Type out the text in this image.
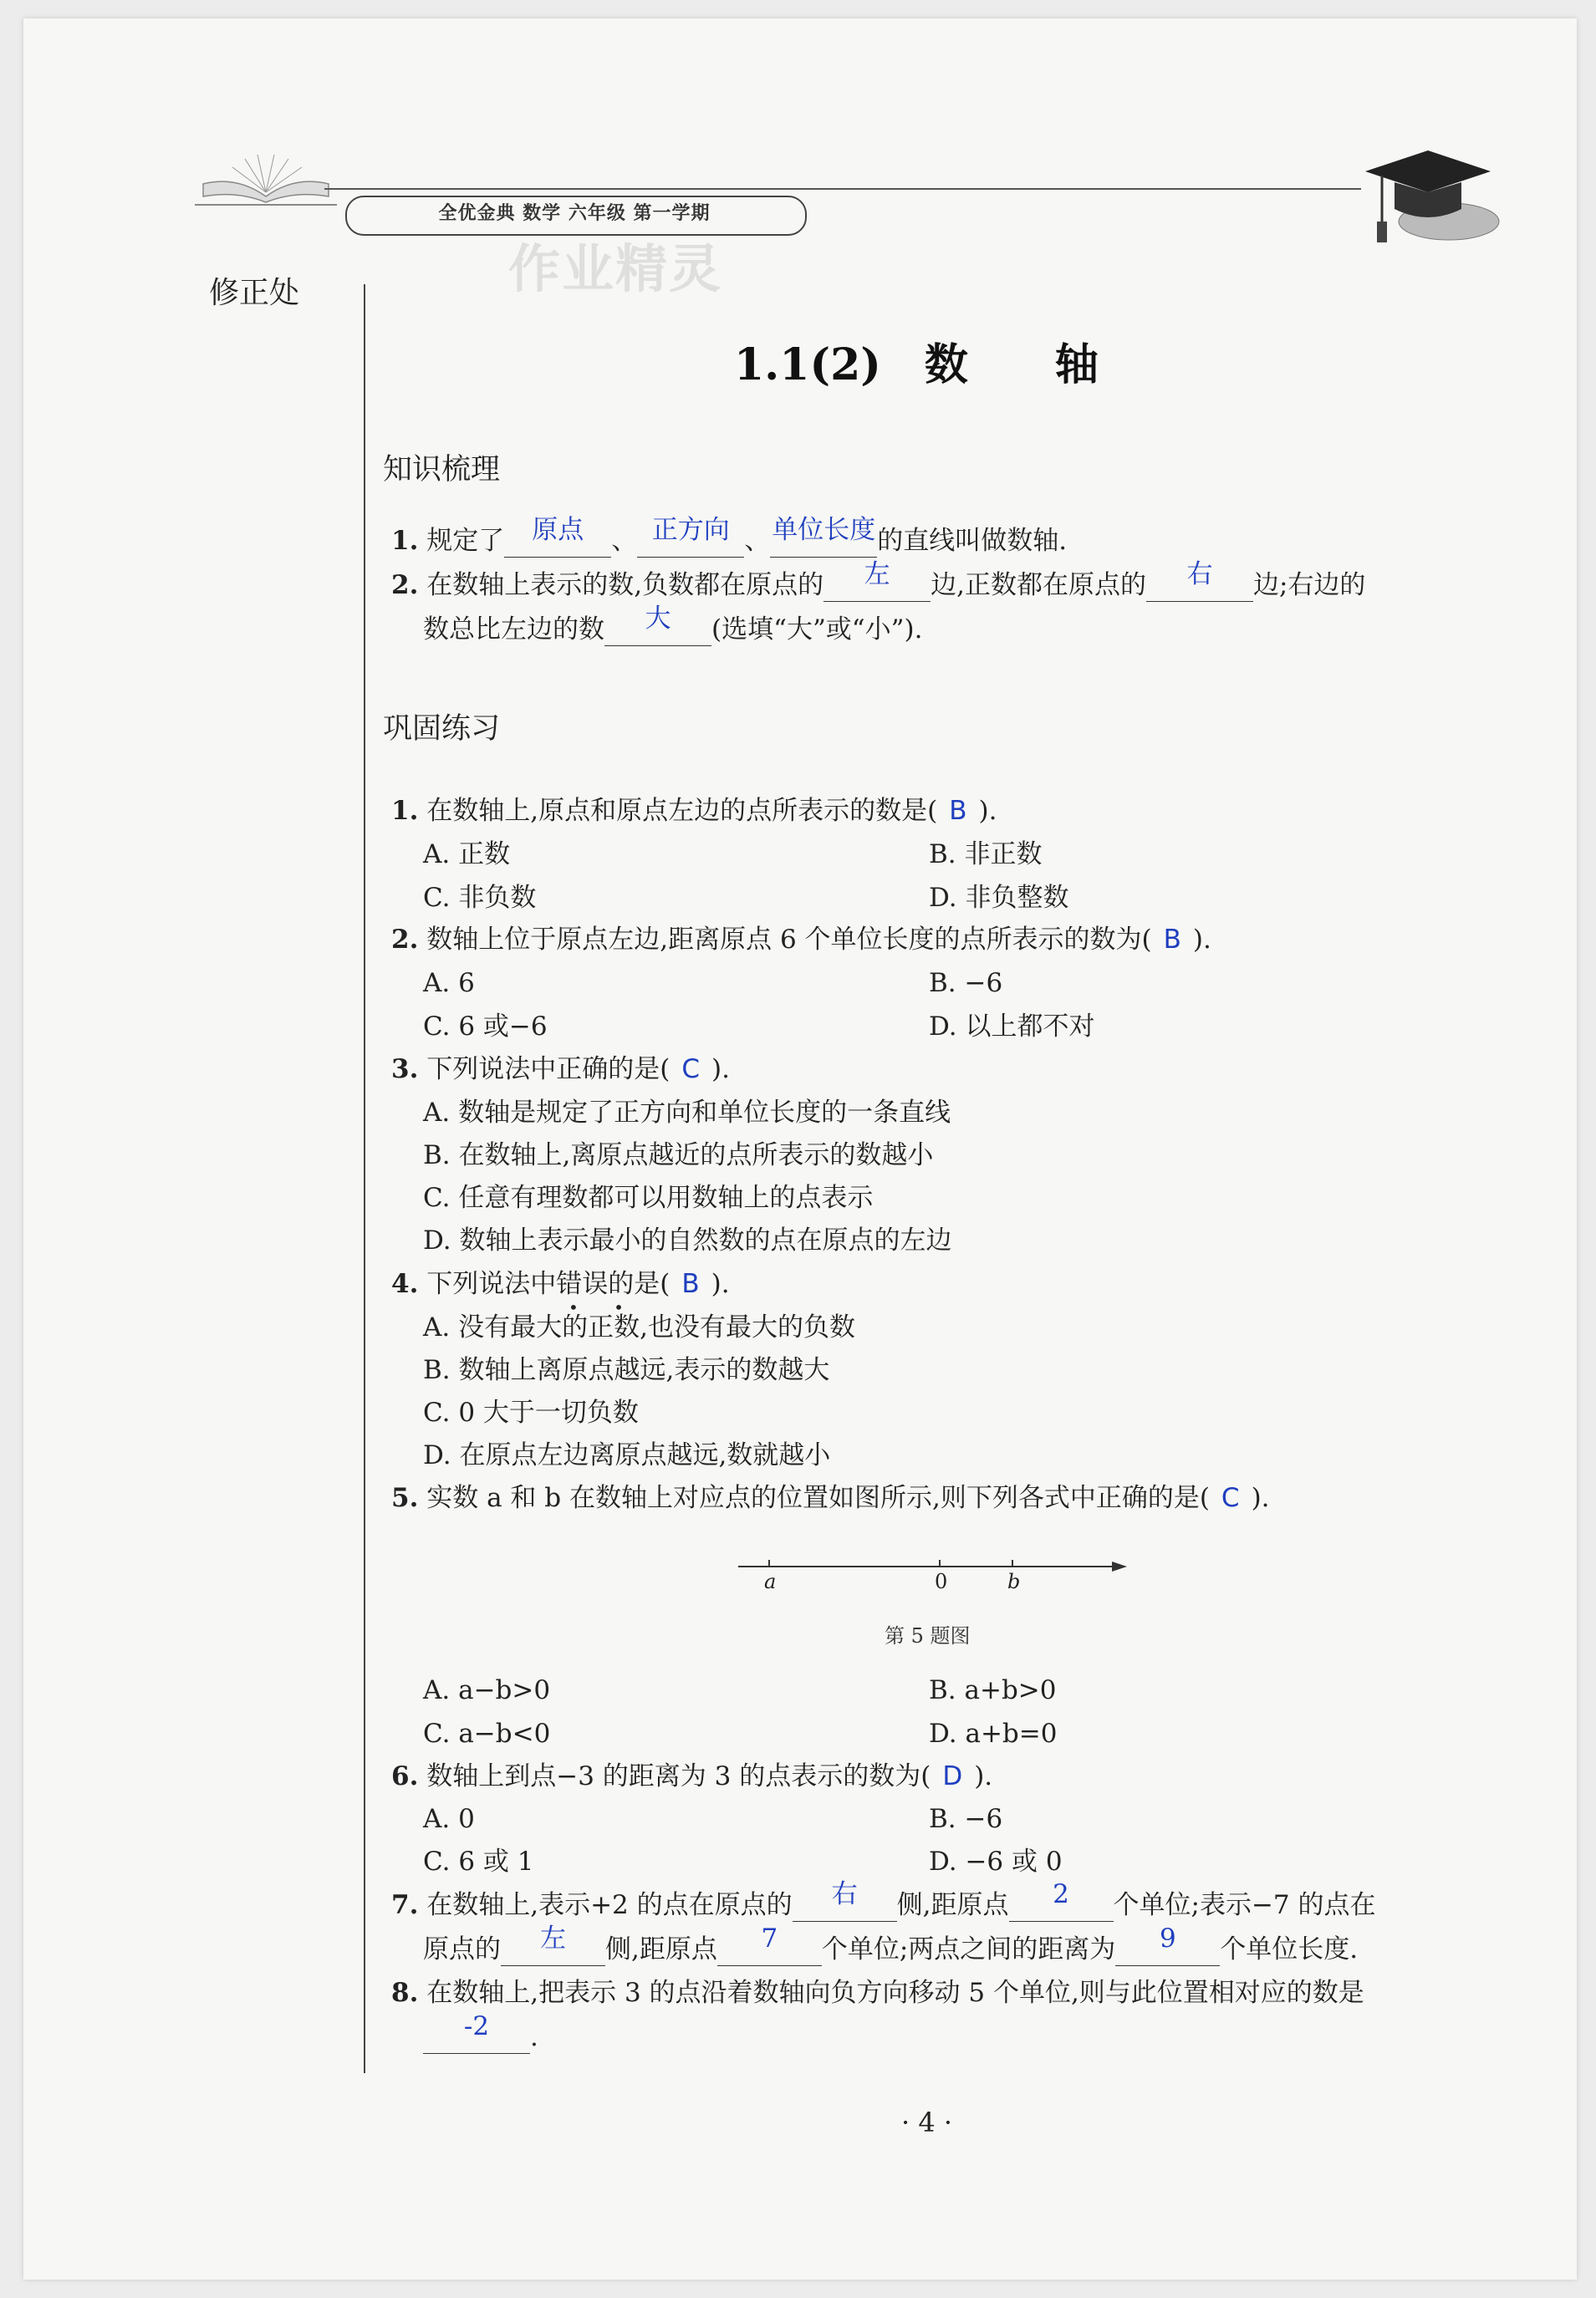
全优金典 数学 六年级 第一学期
作业精灵
修正处
1.1(2)　数　　轴
知识梳理
1. 规定了	原点	、 正方向 、 单位长度 的直线叫做数轴.
2. 在数轴上表示的数,负数都在原点的	左	边,正数都在原点的	右	边;右边的
数总比左边的数	大	(选填“大”或“小”).
巩固练习
1. 在数轴上,原点和原点左边的点所表示的数是( B ).
A. 正数	B. 非正数
C. 非负数	D. 非负整数
2. 数轴上位于原点左边,距离原点 6 个单位长度的点所表示的数为( B ).
A. 6	B. −6
C. 6 或−6	D. 以上都不对
3. 下列说法中正确的是( C ).
A. 数轴是规定了正方向和单位长度的一条直线
B. 在数轴上,离原点越近的点所表示的数越小
C. 任意有理数都可以用数轴上的点表示
D. 数轴上表示最小的自然数的点在原点的左边
4. 下列说法中错误的是( B ).
• •
A. 没有最大的正数,也没有最大的负数
B. 数轴上离原点越远,表示的数越大
C. 0 大于一切负数
D. 在原点左边离原点越远,数就越小
5. 实数 a 和 b 在数轴上对应点的位置如图所示,则下列各式中正确的是( C ).
a	0	b
第 5 题图
A. a−b>0	B. a+b>0
C. a−b<0	D. a+b=0
6. 数轴上到点−3 的距离为 3 的点表示的数为( D ).
A. 0	B. −6
C. 6 或 1	D. −6 或 0
7. 在数轴上,表示+2 的点在原点的	右	侧,距原点	2	个单位;表示−7 的点在
原点的	左	侧,距原点	7	个单位;两点之间的距离为	9	个单位长度.
8. 在数轴上,把表示 3 的点沿着数轴向负方向移动 5 个单位,则与此位置相对应的数是
-2	.
· 4 ·
